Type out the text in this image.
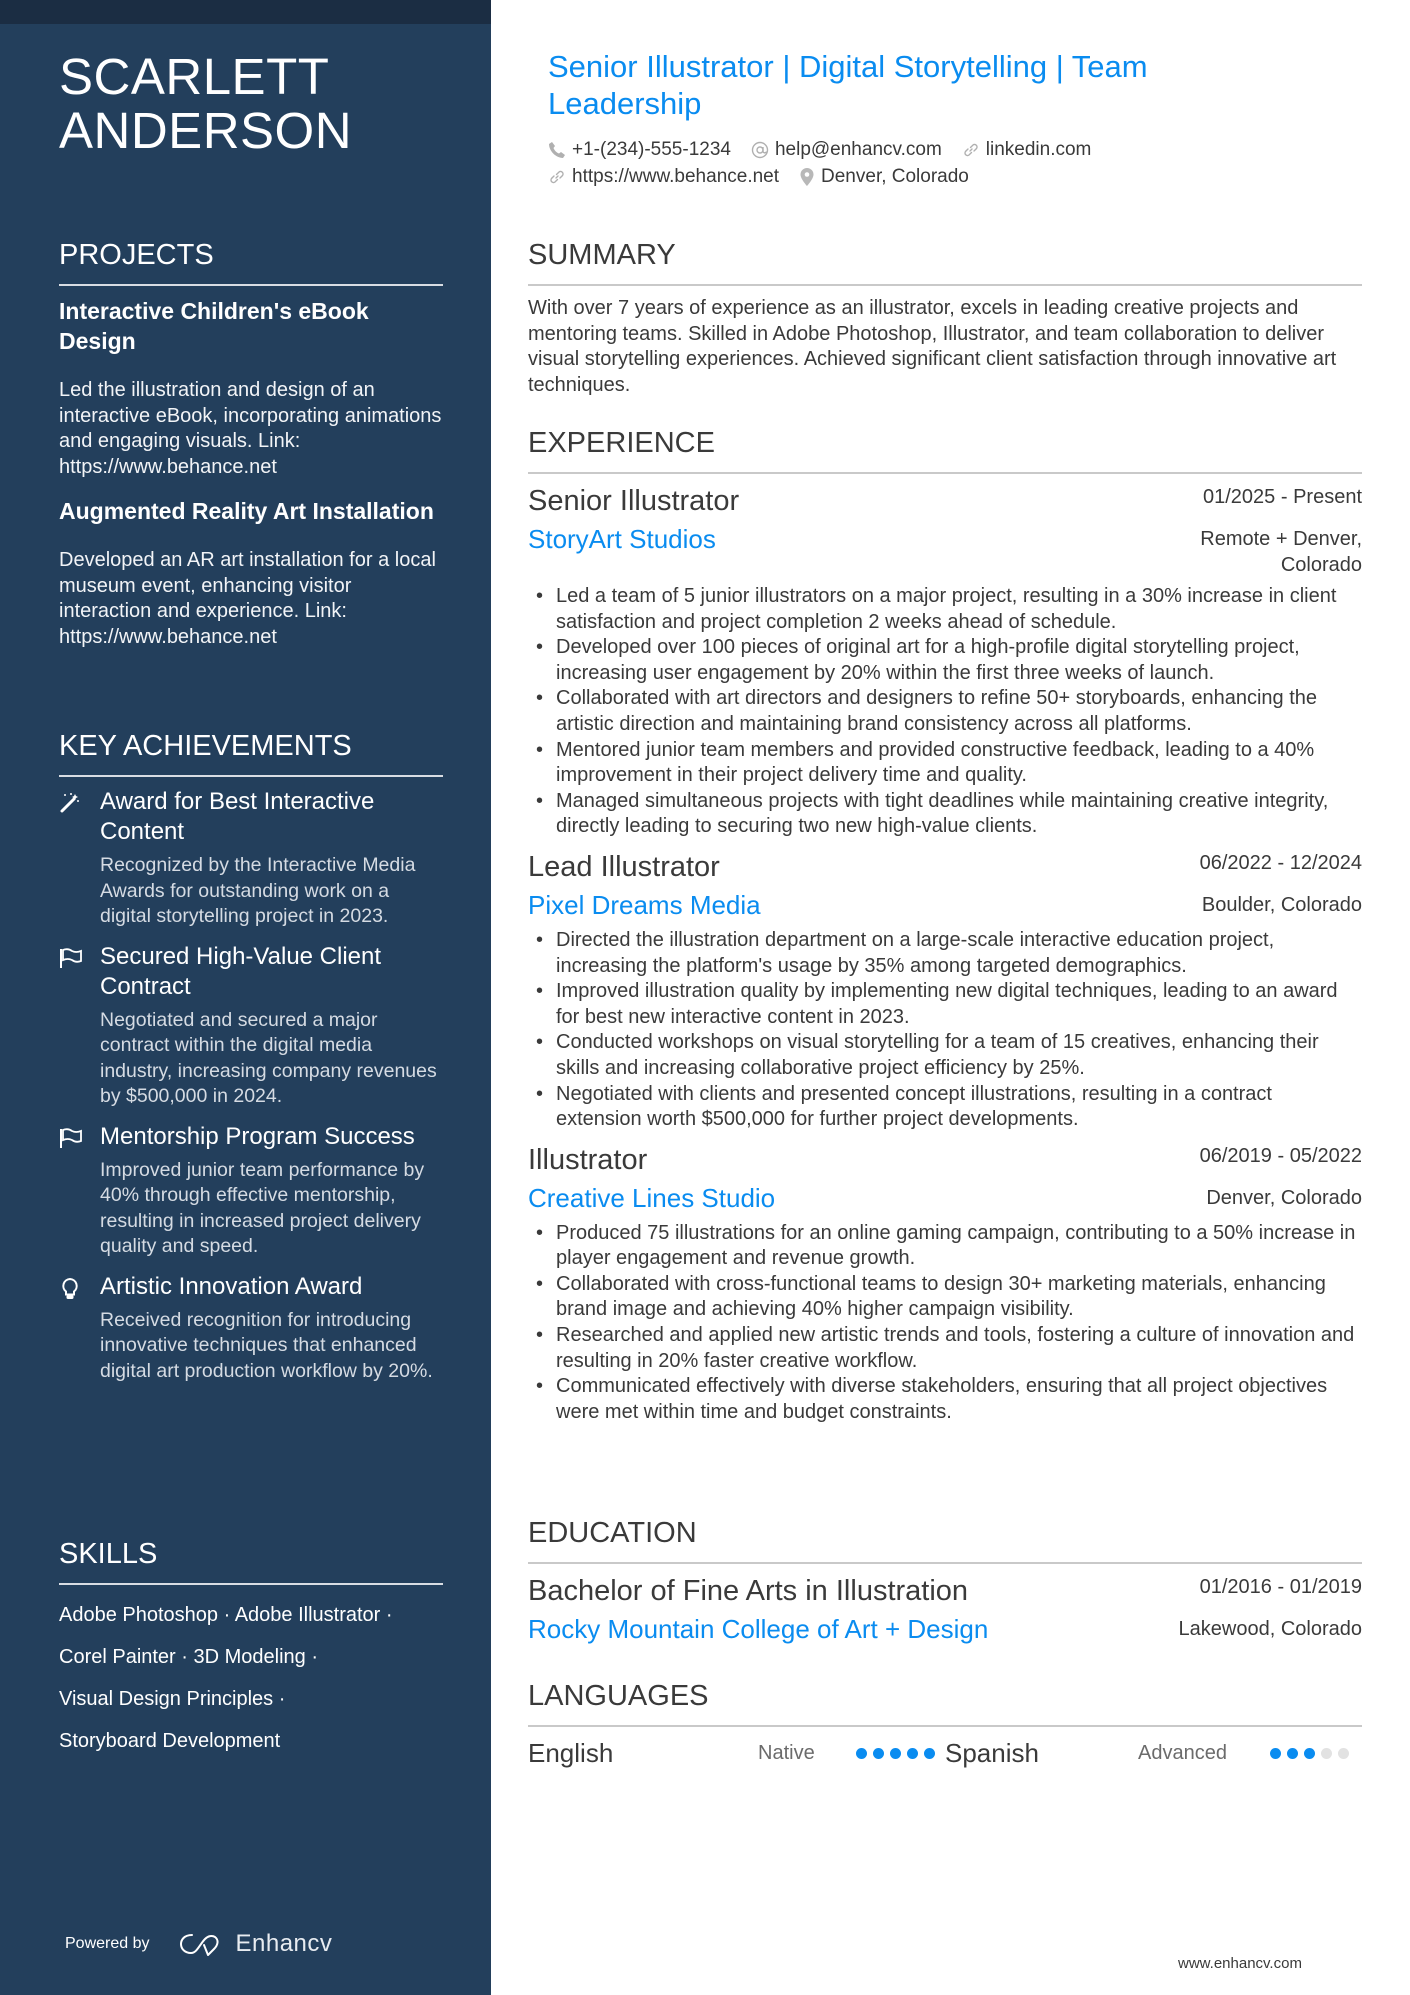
SCARLETT
ANDERSON
PROJECTS
Interactive Children's eBook Design
Led the illustration and design of an interactive eBook, incorporating animations and engaging visuals. Link: https://www.behance.net
Augmented Reality Art Installation
Developed an AR art installation for a local museum event, enhancing visitor interaction and experience. Link: https://www.behance.net
KEY ACHIEVEMENTS
Award for Best Interactive Content
Recognized by the Interactive Media Awards for outstanding work on a digital storytelling project in 2023.
Secured High-Value Client Contract
Negotiated and secured a major contract within the digital media industry, increasing company revenues by $500,000 in 2024.
Mentorship Program Success
Improved junior team performance by 40% through effective mentorship, resulting in increased project delivery quality and speed.
Artistic Innovation Award
Received recognition for introducing innovative techniques that enhanced digital art production workflow by 20%.
SKILLS
Adobe Photoshop · Adobe Illustrator ·
Corel Painter · 3D Modeling ·
Visual Design Principles ·
Storyboard Development
Powered by	Enhancv
Senior Illustrator | Digital Storytelling | Team Leadership
+1-(234)-555-1234 help@enhancv.com linkedin.com
https://www.behance.net Denver, Colorado
SUMMARY
With over 7 years of experience as an illustrator, excels in leading creative projects and mentoring teams. Skilled in Adobe Photoshop, Illustrator, and team collaboration to deliver visual storytelling experiences. Achieved significant client satisfaction through innovative art techniques.
EXPERIENCE
Senior Illustrator	01/2025 - Present
StoryArt Studios	Remote + Denver,
Colorado
• Led a team of 5 junior illustrators on a major project, resulting in a 30% increase in client satisfaction and project completion 2 weeks ahead of schedule.
• Developed over 100 pieces of original art for a high-profile digital storytelling project, increasing user engagement by 20% within the first three weeks of launch.
• Collaborated with art directors and designers to refine 50+ storyboards, enhancing the artistic direction and maintaining brand consistency across all platforms.
• Mentored junior team members and provided constructive feedback, leading to a 40% improvement in their project delivery time and quality.
• Managed simultaneous projects with tight deadlines while maintaining creative integrity, directly leading to securing two new high-value clients.
Lead Illustrator	06/2022 - 12/2024
Pixel Dreams Media	Boulder, Colorado
• Directed the illustration department on a large-scale interactive education project, increasing the platform's usage by 35% among targeted demographics.
• Improved illustration quality by implementing new digital techniques, leading to an award for best new interactive content in 2023.
• Conducted workshops on visual storytelling for a team of 15 creatives, enhancing their skills and increasing collaborative project efficiency by 25%.
• Negotiated with clients and presented concept illustrations, resulting in a contract extension worth $500,000 for further project developments.
Illustrator	06/2019 - 05/2022
Creative Lines Studio	Denver, Colorado
• Produced 75 illustrations for an online gaming campaign, contributing to a 50% increase in player engagement and revenue growth.
• Collaborated with cross-functional teams to design 30+ marketing materials, enhancing brand image and achieving 40% higher campaign visibility.
• Researched and applied new artistic trends and tools, fostering a culture of innovation and resulting in 20% faster creative workflow.
• Communicated effectively with diverse stakeholders, ensuring that all project objectives were met within time and budget constraints.
EDUCATION
Bachelor of Fine Arts in Illustration	01/2016 - 01/2019
Rocky Mountain College of Art + Design	Lakewood, Colorado
LANGUAGES
English	Native	Spanish	Advanced
www.enhancv.com
